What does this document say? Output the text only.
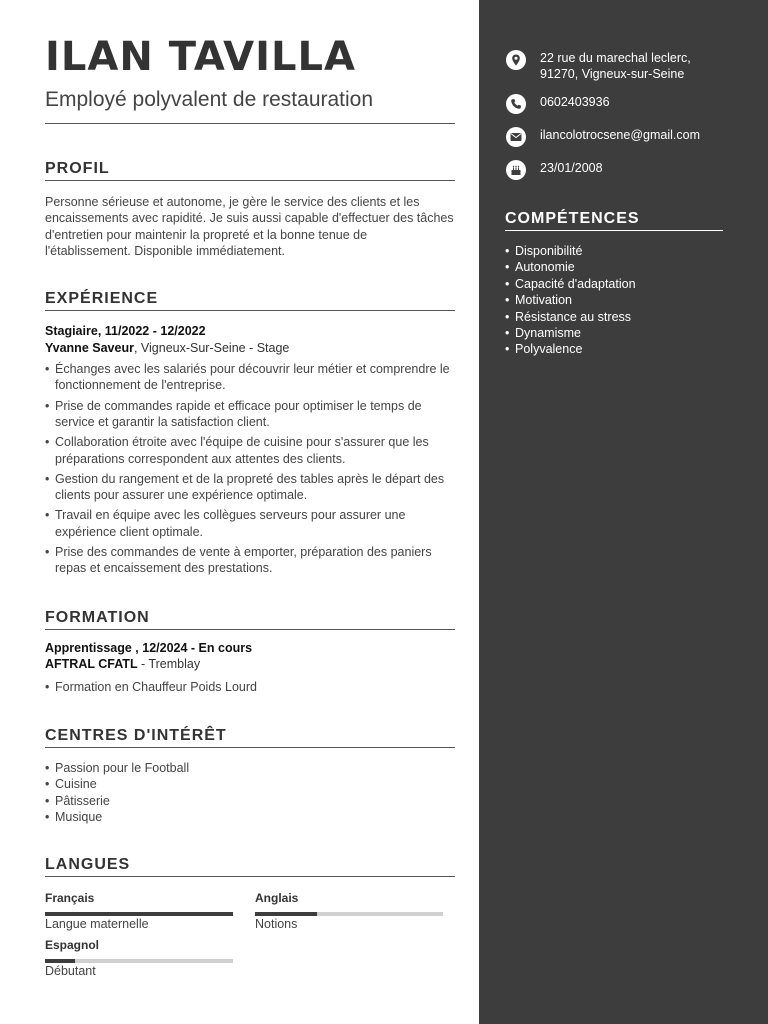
ILAN TAVILLA
Employé polyvalent de restauration
PROFIL

Personne sérieuse et autonome, je gère le service des clients et les encaissements avec rapidité. Je suis aussi capable d'effectuer des tâches d'entretien pour maintenir la propreté et la bonne tenue de l'établissement. Disponible immédiatement.

EXPÉRIENCE
Stagiaire, 11/2022 - 12/2022
Yvanne Saveur, Vigneux-Sur-Seine - Stage
• Échanges avec les salariés pour découvrir leur métier et comprendre le fonctionnement de l'entreprise.
• Prise de commandes rapide et efficace pour optimiser le temps de service et garantir la satisfaction client.
• Collaboration étroite avec l'équipe de cuisine pour s'assurer que les préparations correspondent aux attentes des clients.
• Gestion du rangement et de la propreté des tables après le départ des clients pour assurer une expérience optimale.
• Travail en équipe avec les collègues serveurs pour assurer une expérience client optimale.
• Prise des commandes de vente à emporter, préparation des paniers repas et encaissement des prestations.
FORMATION
Apprentissage , 12/2024 - En cours
AFTRAL CFATL - Tremblay
• Formation en Chauffeur Poids Lourd
CENTRES D'INTÉRÊT
• Passion pour le Football
• Cuisine
• Pâtisserie
• Musique
LANGUES
Français
Langue maternelle
Anglais
Notions
Espagnol
Débutant
22 rue du marechal leclerc,
91270, Vigneux-sur-Seine
0602403936
ilancolotrocsene@gmail.com
23/01/2008
COMPÉTENCES
• Disponibilité
• Autonomie
• Capacité d'adaptation
• Motivation
• Résistance au stress
• Dynamisme
• Polyvalence
